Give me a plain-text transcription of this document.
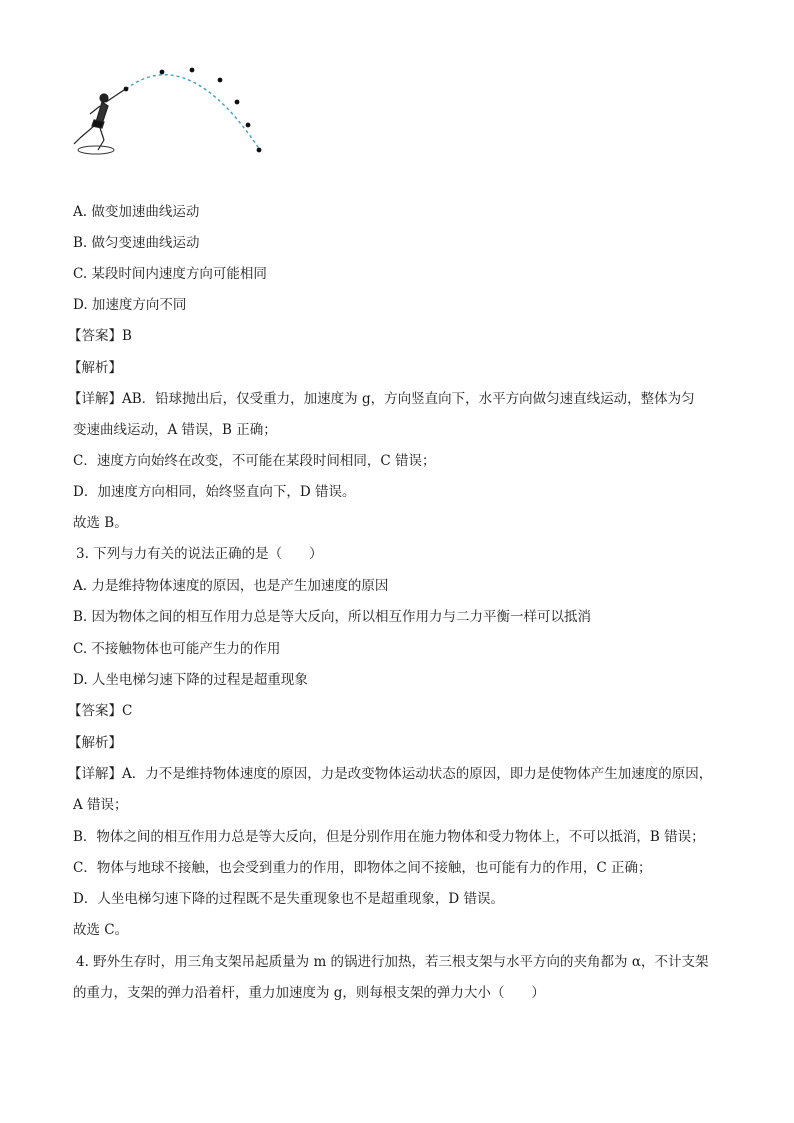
A. 做变加速曲线运动
B. 做匀变速曲线运动
C. 某段时间内速度方向可能相同
D. 加速度方向不同
【答案】B
【解析】
【详解】AB．铅球抛出后，仅受重力，加速度为 g，方向竖直向下，水平方向做匀速直线运动，整体为匀
变速曲线运动，A 错误，B 正确；
C．速度方向始终在改变，不可能在某段时间相同，C 错误；
D．加速度方向相同，始终竖直向下，D 错误。
故选 B。
3. 下列与力有关的说法正确的是（　　）
A. 力是维持物体速度的原因，也是产生加速度的原因
B. 因为物体之间的相互作用力总是等大反向，所以相互作用力与二力平衡一样可以抵消
C. 不接触物体也可能产生力的作用
D. 人坐电梯匀速下降的过程是超重现象
【答案】C
【解析】
【详解】A．力不是维持物体速度的原因，力是改变物体运动状态的原因，即力是使物体产生加速度的原因，
A 错误；
B．物体之间的相互作用力总是等大反向，但是分别作用在施力物体和受力物体上，不可以抵消，B 错误；
C．物体与地球不接触，也会受到重力的作用，即物体之间不接触，也可能有力的作用，C 正确；
D．人坐电梯匀速下降的过程既不是失重现象也不是超重现象，D 错误。
故选 C。
4. 野外生存时，用三角支架吊起质量为 m 的锅进行加热，若三根支架与水平方向的夹角都为 α，不计支架
的重力，支架的弹力沿着杆，重力加速度为 g，则每根支架的弹力大小（　　）
